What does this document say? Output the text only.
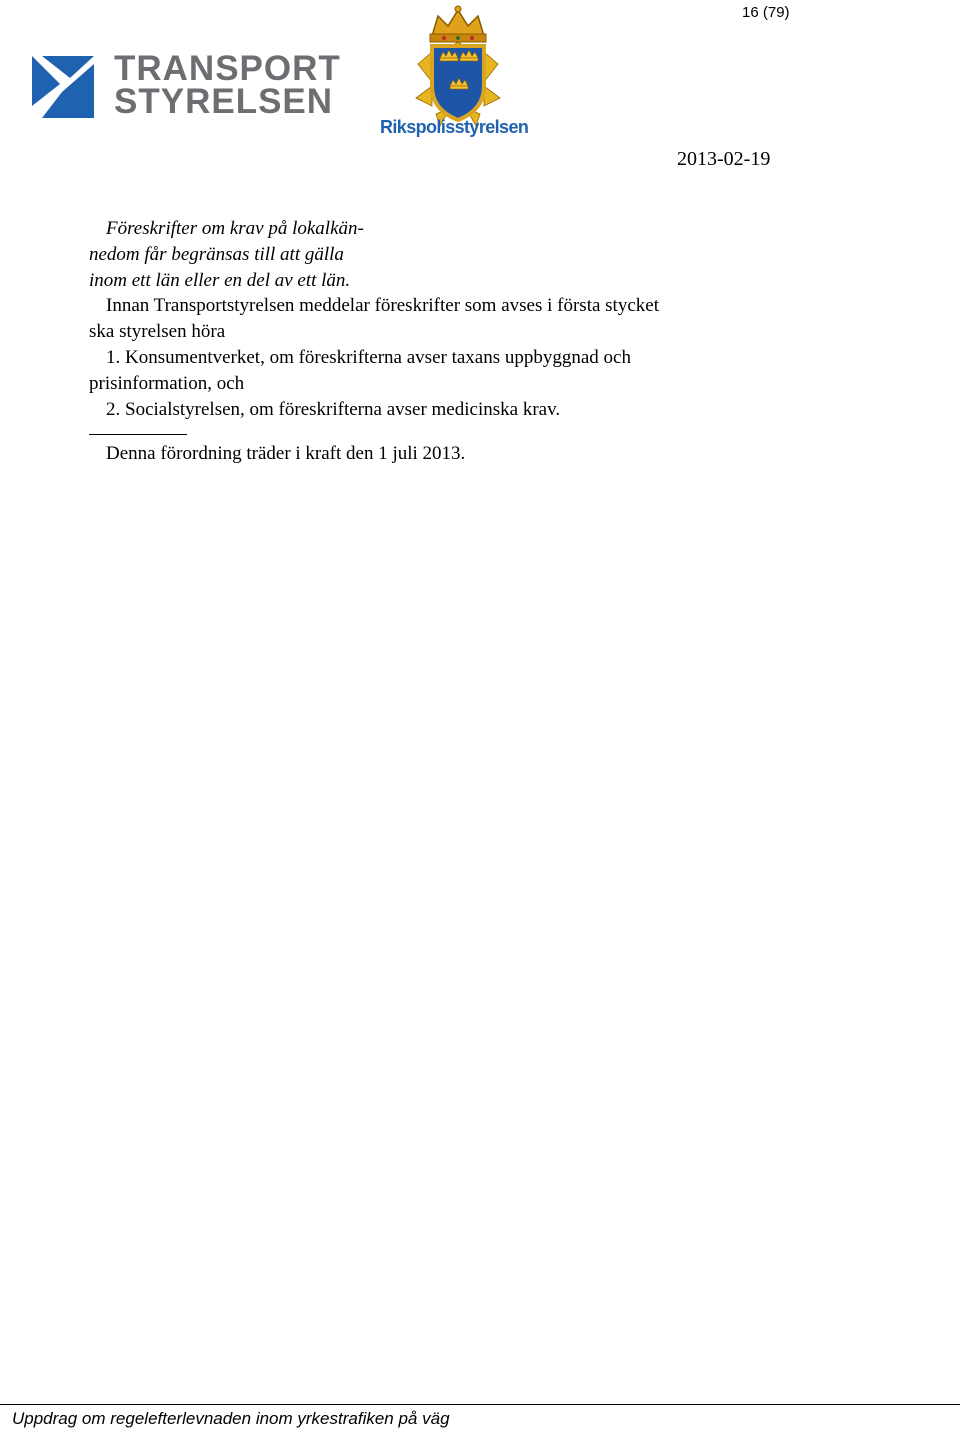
16 (79)
TRANSPORT
STYRELSEN
Rikspolisstyrelsen
2013-02-19
Föreskrifter om krav på lokalkän-
nedom får begränsas till att gälla
inom ett län eller en del av ett län.
Innan Transportstyrelsen meddelar föreskrifter som avses i första stycket
ska styrelsen höra
1. Konsumentverket, om föreskrifterna avser taxans uppbyggnad och
prisinformation, och
2. Socialstyrelsen, om föreskrifterna avser medicinska krav.
Denna förordning träder i kraft den 1 juli 2013.
Uppdrag om regelefterlevnaden inom yrkestrafiken på väg
